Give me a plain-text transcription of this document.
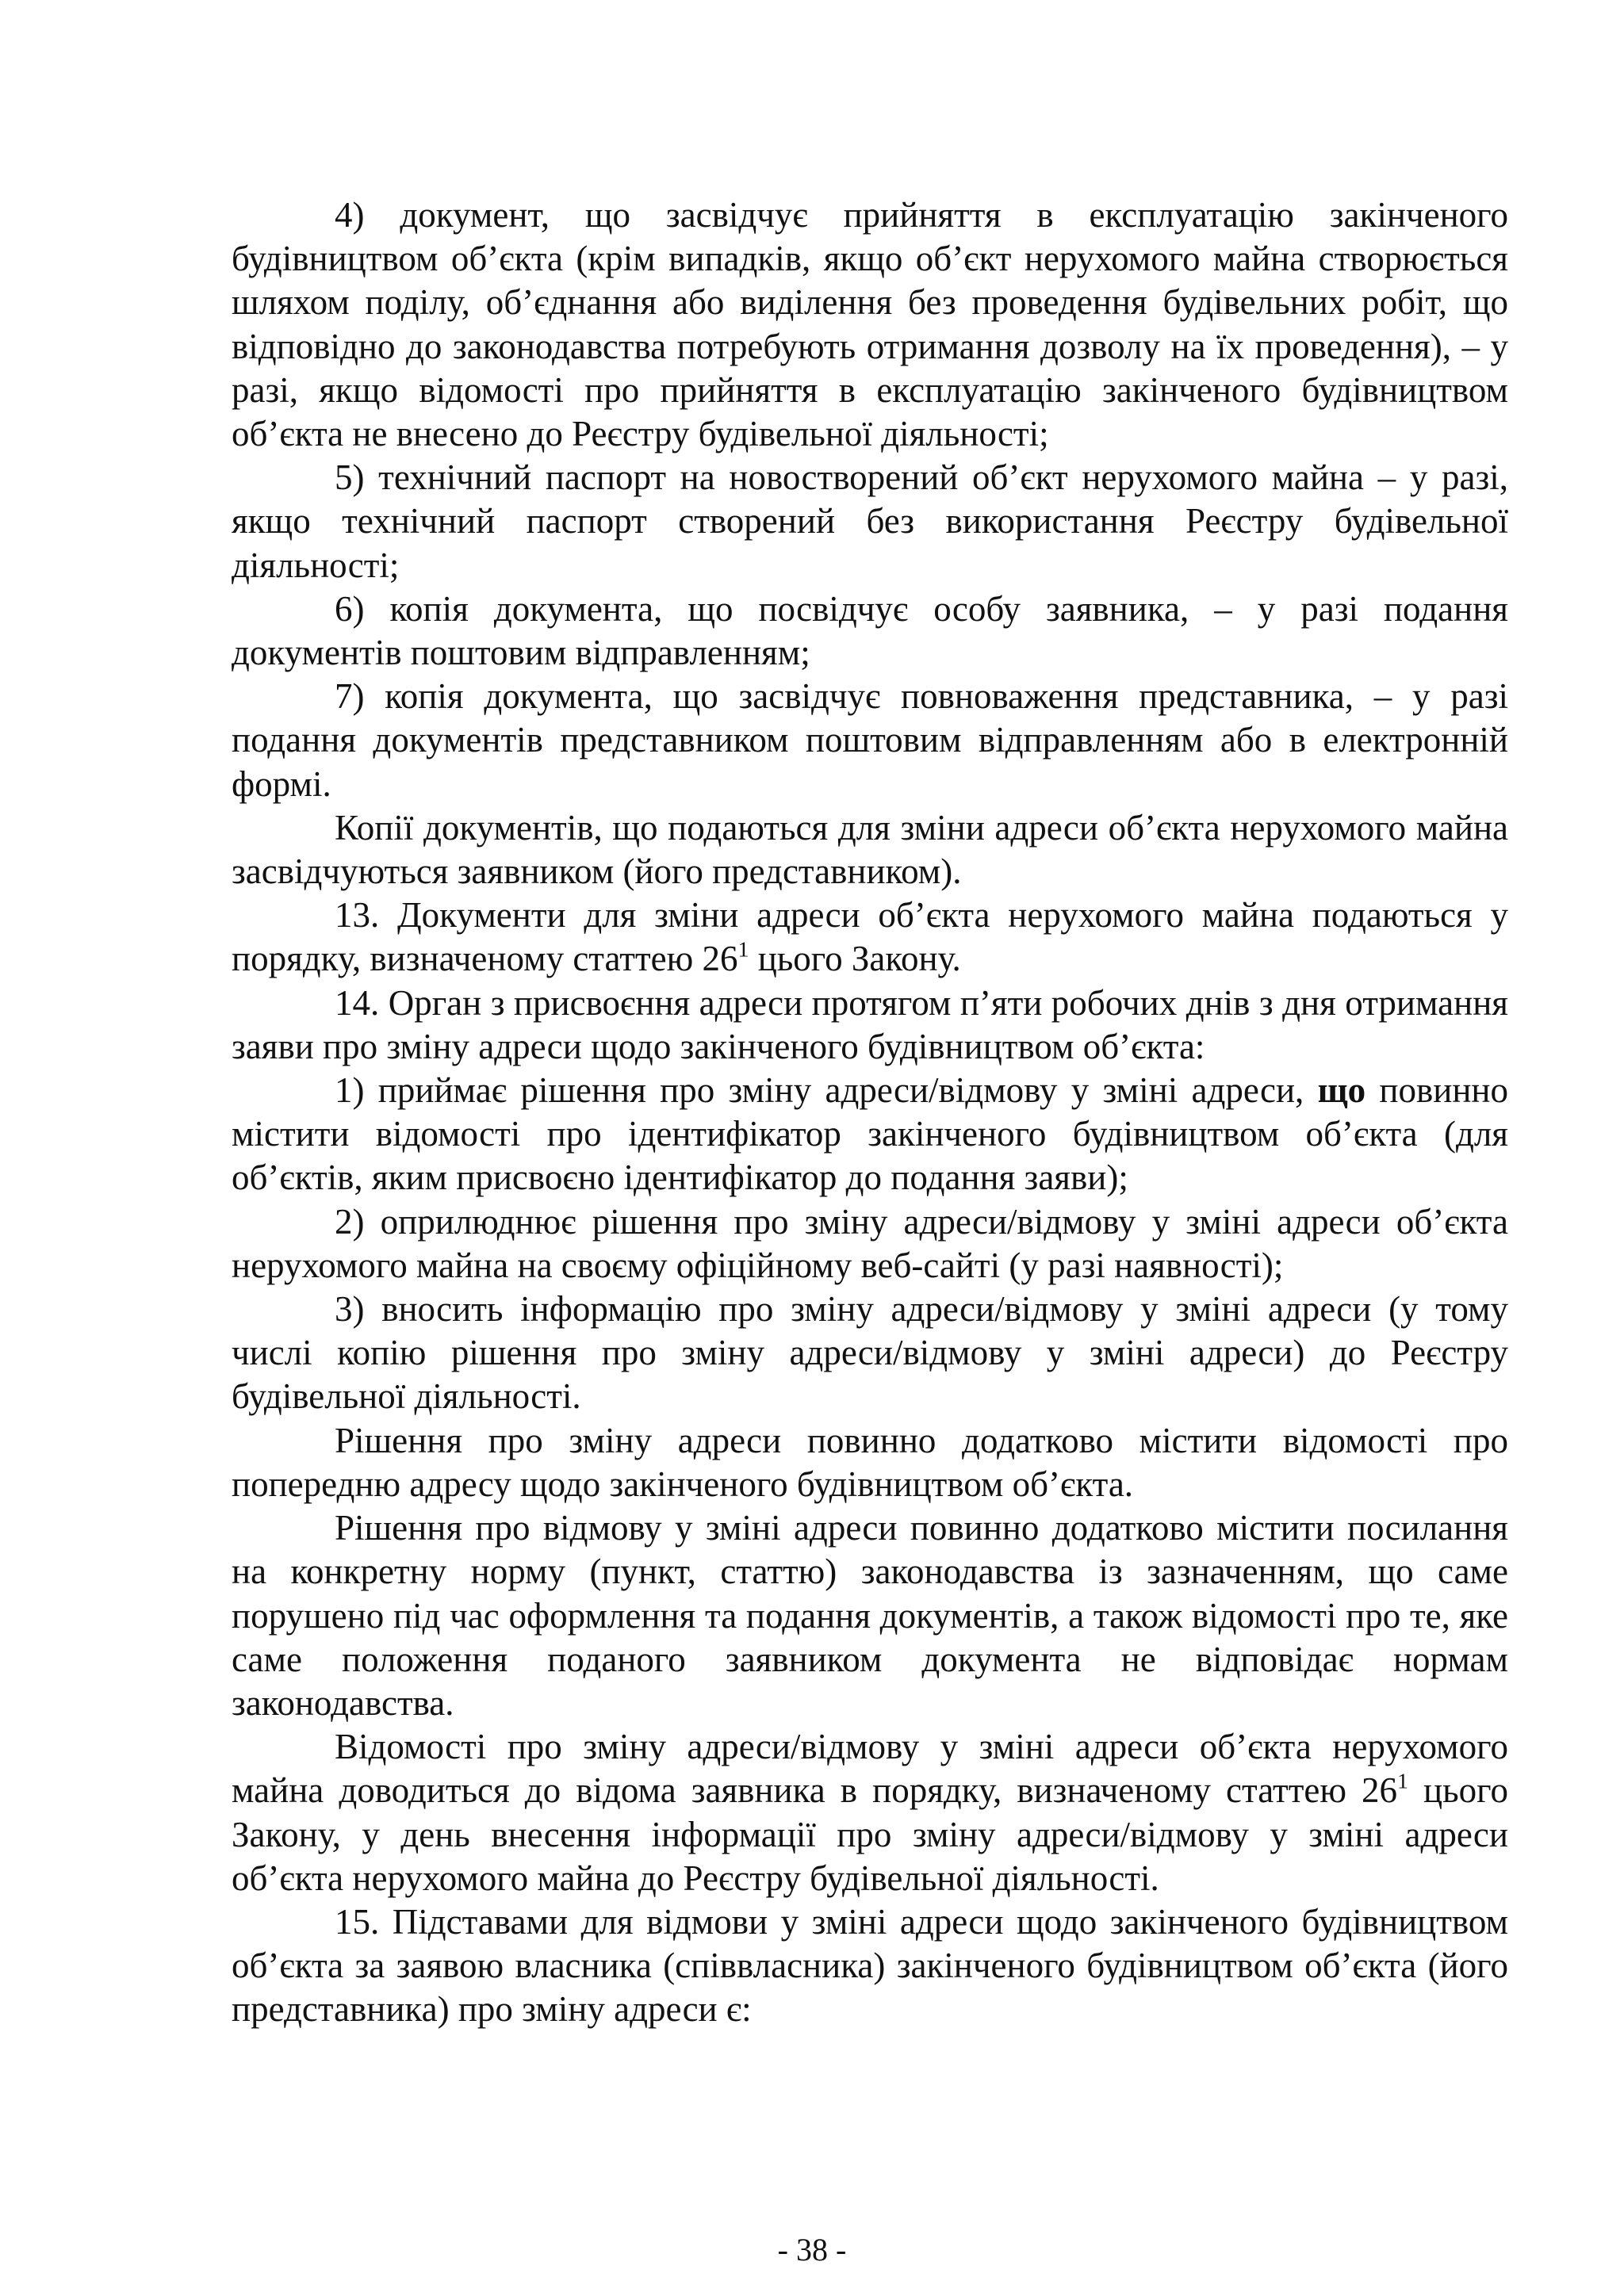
4) документ, що засвідчує прийняття в експлуатацію закінченого будівництвом об’єкта (крім випадків, якщо об’єкт нерухомого майна створюється шляхом поділу, об’єднання або виділення без проведення будівельних робіт, що відповідно до законодавства потребують отримання дозволу на їх проведення), – у разі, якщо відомості про прийняття в експлуатацію закінченого будівництвом об’єкта не внесено до Реєстру будівельної діяльності;

5) технічний паспорт на новостворений об’єкт нерухомого майна – у разі, якщо технічний паспорт створений без використання Реєстру будівельної діяльності;

6) копія документа, що посвідчує особу заявника, – у разі подання документів поштовим відправленням;

7) копія документа, що засвідчує повноваження представника, – у разі подання документів представником поштовим відправленням або в електронній формі.

Копії документів, що подаються для зміни адреси об’єкта нерухомого майна засвідчуються заявником (його представником).

13. Документи для зміни адреси об’єкта нерухомого майна подаються у порядку, визначеному статтею $26^1$ цього Закону.

14. Орган з присвоєння адреси протягом п’яти робочих днів з дня отримання заяви про зміну адреси щодо закінченого будівництвом об’єкта:

1) приймає рішення про зміну адреси/відмову у зміні адреси, що повинно містити відомості про ідентифікатор закінченого будівництвом об’єкта (для об’єктів, яким присвоєно ідентифікатор до подання заяви);

2) оприлюднює рішення про зміну адреси/відмову у зміні адреси об’єкта нерухомого майна на своєму офіційному веб-сайті (у разі наявності);

3) вносить інформацію про зміну адреси/відмову у зміні адреси (у тому числі копію рішення про зміну адреси/відмову у зміні адреси) до Реєстру будівельної діяльності.

Рішення про зміну адреси повинно додатково містити відомості про попередню адресу щодо закінченого будівництвом об’єкта.

Рішення про відмову у зміні адреси повинно додатково містити посилання на конкретну норму (пункт, статтю) законодавства із зазначенням, що саме порушено під час оформлення та подання документів, а також відомості про те, яке саме положення поданого заявником документа не відповідає нормам законодавства.

Відомості про зміну адреси/відмову у зміні адреси об’єкта нерухомого майна доводиться до відома заявника в порядку, визначеному статтею $26^1$ цього Закону, у день внесення інформації про зміну адреси/відмову у зміні адреси об’єкта нерухомого майна до Реєстру будівельної діяльності.

15. Підставами для відмови у зміні адреси щодо закінченого будівництвом об’єкта за заявою власника (співвласника) закінченого будівництвом об’єкта (його представника) про зміну адреси є:

- 38 -
